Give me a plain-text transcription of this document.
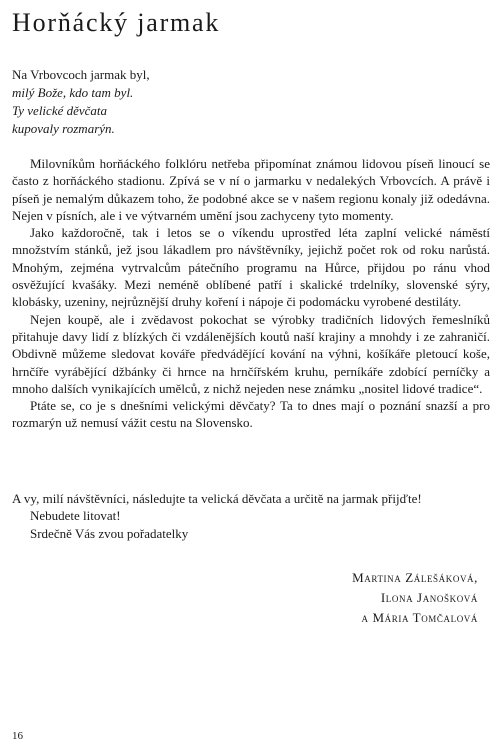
Horňácký jarmak
Na Vrbovcoch jarmak byl,
milý Bože, kdo tam byl.
Ty velické děvčata
kupovaly rozmarýn.

Milovníkům horňáckého folklóru netřeba připomínat známou lidovou píseň linoucí se často z horňáckého stadionu. Zpívá se v ní o jarmarku v nedalekých Vrbovcích. A právě i píseň je nemalým důkazem toho, že podobné akce se v našem regionu konaly již odedávna. Nejen v písních, ale i ve výtvarném umění jsou zachyceny tyto momenty.

Jako každoročně, tak i letos se o víkendu uprostřed léta zaplní velické náměstí množstvím stánků, jež jsou lákadlem pro návštěvníky, jejichž počet rok od roku narůstá. Mnohým, zejména vytrvalcům pátečního programu na Hůrce, přijdou po ránu vhod osvěžující kvašáky. Mezi neméně oblíbené patří i skalické trdelníky, slovenské sýry, klobásky, uzeniny, nejrůznější druhy koření i nápoje či podomácku vyrobené destiláty.

Nejen koupě, ale i zvědavost pokochat se výrobky tradičních lidových řemeslníků přitahuje davy lidí z blízkých či vzdálenějších koutů naší krajiny a mnohdy i ze zahraničí. Obdivně můžeme sledovat kováře předvádějící kování na výhni, košíkáře pletoucí koše, hrnčíře vyrábějící džbánky či hrnce na hrnčířském kruhu, perníkáře zdobící perníčky a mnoho dalších vynikajících umělců, z nichž nejeden nese známku „nositel lidové tradice“.

Ptáte se, co je s dnešními velickými děvčaty? Ta to dnes mají o poznání snazší a pro rozmarýn už nemusí vážit cestu na Slovensko.

A vy, milí návštěvníci, následujte ta velická děvčata a určitě na jarmak přijďte!
Nebudete litovat!
Srdečně Vás zvou pořadatelky
Martina Zálešáková,
Ilona Janošková
a Mária Tomčalová
16
